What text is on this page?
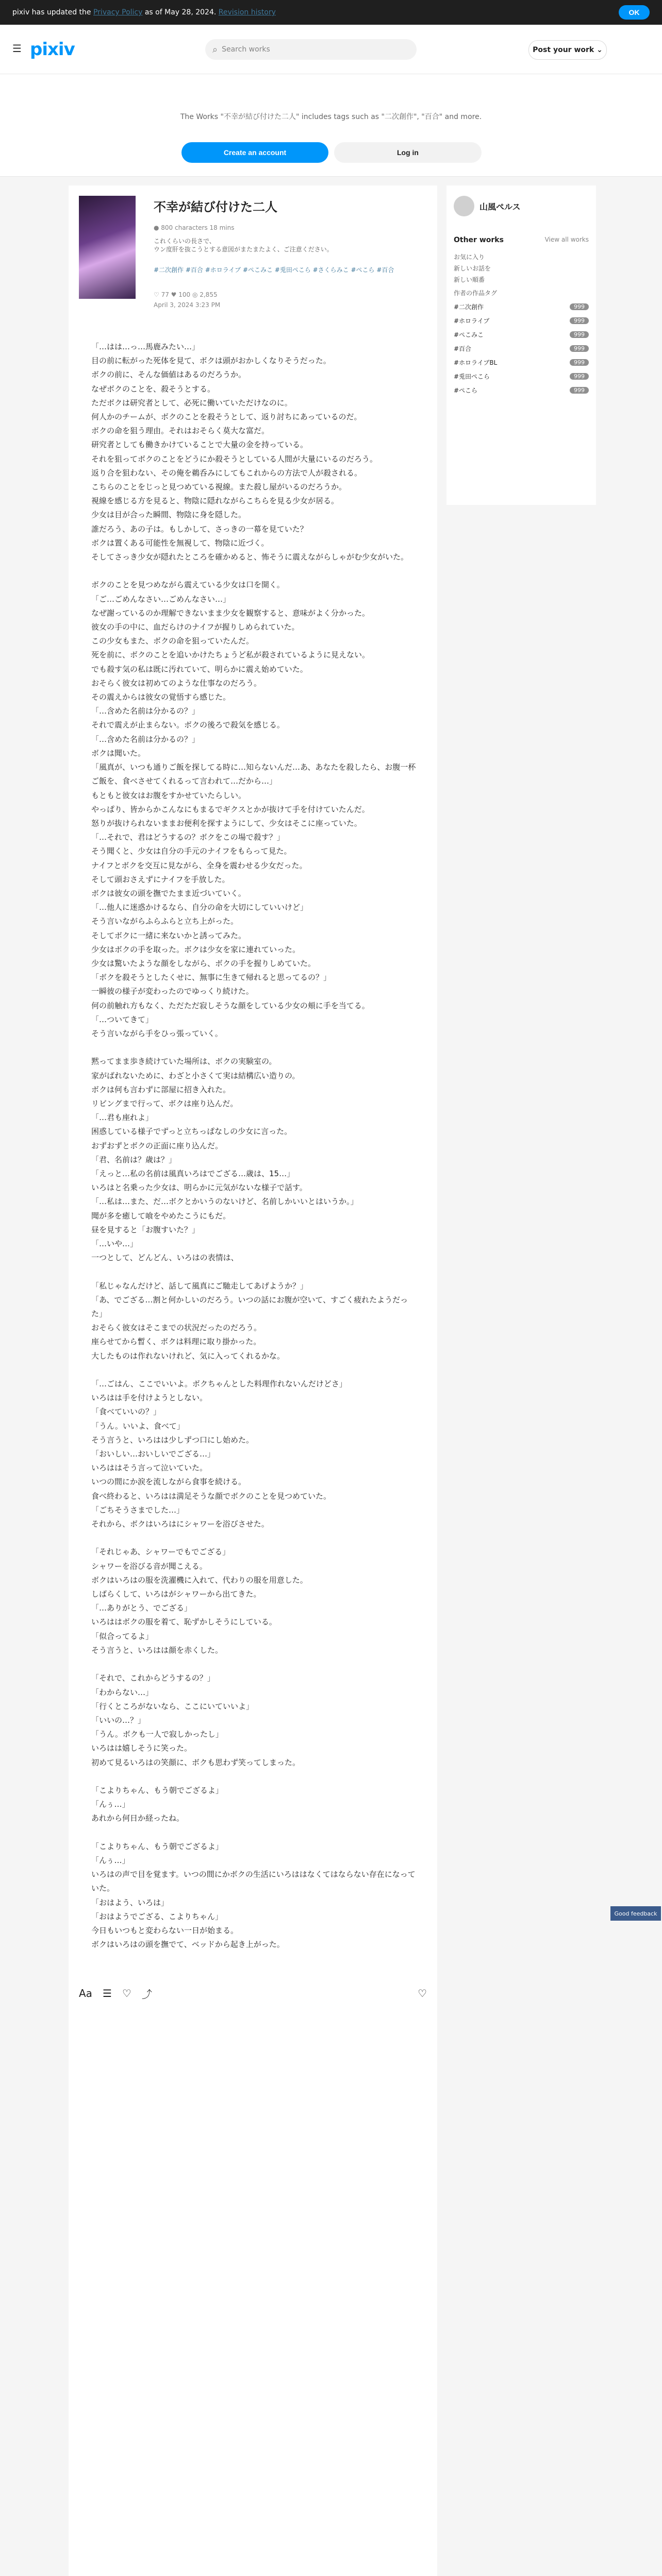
pixiv has updated the Privacy Policy as of May 28, 2024. Revision history	OK
☰ pixiv	⌕ Search works	Post your work ⌄
The Works "不幸が結び付けた二人" includes tags such as "二次創作", "百合" and more.
Create an account	Log in
不幸が結び付けた二人
● 800 characters 18 mins
これくらいの長さで、
ウン度肝を抜こうとする意図がまたまたよく、ご注意ください。
#二次創作 #百合 #ホロライブ #ぺこみこ #兎田ぺこら #さくらみこ #ぺこら #百合
♡ 77 ♥ 100 ◎ 2,855
April 3, 2024 3:23 PM
「…はは…っ…馬鹿みたい…」
目の前に転がった死体を見て、ボクは頭がおかしくなりそうだった。
ボクの前に、そんな価値はあるのだろうか。
なぜボクのことを、殺そうとする。
ただボクは研究者として、必死に働いていただけなのに。
何人かのチームが、ボクのことを殺そうとして、返り討ちにあっているのだ。
ボクの命を狙う理由。それはおそらく莫大な富だ。
研究者としても働きかけていることで大量の金を持っている。
それを狙ってボクのことをどうにか殺そうとしている人間が大量にいるのだろう。
返り合を狙わない、その俺を鵜呑みにしてもこれからの方法で人が殺される。
こちらのことをじっと見つめている視線。また殺し屋がいるのだろうか。
視線を感じる方を見ると、物陰に隠れながらこちらを見る少女が居る。
少女は目が合った瞬間、物陰に身を隠した。
誰だろう、あの子は。もしかして、さっきの一幕を見ていた？
ボクは置くある可能性を無視して、物陰に近づく。
そしてさっき少女が隠れたところを確かめると、怖そうに震えながらしゃがむ少女がいた。

ボクのことを見つめながら震えている少女は口を開く。
「ご…ごめんなさい…ごめんなさい…」
なぜ謝っているのか理解できないまま少女を観察すると、意味がよく分かった。
彼女の手の中に、血だらけのナイフが握りしめられていた。
この少女もまた、ボクの命を狙っていたんだ。
死を前に、ボクのことを追いかけたちょうど私が殺されているように見えない。
でも殺す気の私は既に汚れていて、明らかに震え始めていた。
おそらく彼女は初めてのような仕事なのだろう。
その震えからは彼女の覚悟すら感じた。
「…含めた名前は分かるの？」
それで震えが止まらない。ボクの後ろで殺気を感じる。
「…含めた名前は分かるの？」
ボクは聞いた。
「風真が、いつも通りご飯を探してる時に…知らないんだ…あ、あなたを殺したら、お腹一杯ご飯を、食べさせてくれるって言われて…だから…」
もともと彼女はお腹をすかせていたらしい。
やっぱり、皆からかこんなにもまるでギクスとかが抜けて手を付けていたんだ。
怒りが抜けられないままお便利を探すようにして、少女はそこに座っていた。
「…それで、君はどうするの？ボクをこの場で殺す？」
そう聞くと、少女は自分の手元のナイフをもらって見た。
ナイフとボクを交互に見ながら、全身を震わせる少女だった。
そして頭おさえずにナイフを手放した。
ボクは彼女の頭を撫でたまま近づいていく。
「…他人に迷惑かけるなら、自分の命を大切にしていいけど」
そう言いながらふらふらと立ち上がった。
そしてボクに一緒に来ないかと誘ってみた。
少女はボクの手を取った。ボクは少女を家に連れていった。
少女は驚いたような顔をしながら、ボクの手を握りしめていた。
「ボクを殺そうとしたくせに、無事に生きて帰れると思ってるの？」
一瞬彼の様子が変わったのでゆっくり続けた。
何の前触れ方もなく、ただただ寂しそうな顔をしている少女の頬に手を当てる。
「…ついてきて」
そう言いながら手をひっ張っていく。

黙ってまま歩き続けていた場所は、ボクの実験室の。
家がばれないために、わざと小さくて実は結構広い造りの。
ボクは何も言わずに部屋に招き入れた。
リビングまで行って、ボクは座り込んだ。
「…君も座れよ」
困惑している様子でずっと立ちっぱなしの少女に言った。
おずおずとボクの正面に座り込んだ。
「君、名前は？歳は？」
「えっと…私の名前は風真いろはでござる…歳は、15…」
いろはと名乗った少女は、明らかに元気がないな様子で話す。
「…私は…また、だ…ボクとかいうのないけど、名前しかいいとはいうか。」
聞が多を癒して喰をやめたこうにもだ。
昼を見すると「お腹すいた？」
「…いや…」
一つとして、どんどん、いろはの表情は、

「私じゃなんだけど、話して風真にご馳走してあげようか？」
「あ、でござる…割と何かしいのだろう。いつの話にお腹が空いて、すごく疲れたようだった」
おそらく彼女はそこまでの状況だったのだろう。
座らせてから暫く、ボクは料理に取り掛かった。
大したものは作れないけれど、気に入ってくれるかな。

「…ごはん、ここでいいよ。ボクちゃんとした料理作れないんだけどさ」
いろはは手を付けようとしない。
「食べていいの？」
「うん。いいよ、食べて」
そう言うと、いろはは少しずつ口にし始めた。
「おいしい…おいしいでござる…」
いろははそう言って泣いていた。
いつの間にか涙を流しながら食事を続ける。
食べ終わると、いろはは満足そうな顔でボクのことを見つめていた。
「ごちそうさまでした…」
それから、ボクはいろはにシャワーを浴びさせた。

「それじゃあ、シャワーでもでござる」
シャワーを浴びる音が聞こえる。
ボクはいろはの服を洗濯機に入れて、代わりの服を用意した。
しばらくして、いろはがシャワーから出てきた。
「…ありがとう、でござる」
いろははボクの服を着て、恥ずかしそうにしている。
「似合ってるよ」
そう言うと、いろはは顔を赤くした。

「それで、これからどうするの？」
「わからない…」
「行くところがないなら、ここにいていいよ」
「いいの…？」
「うん。ボクも一人で寂しかったし」
いろはは嬉しそうに笑った。
初めて見るいろはの笑顔に、ボクも思わず笑ってしまった。

「こよりちゃん、もう朝でござるよ」
「んぅ…」
あれから何日か経ったね。

「こよりちゃん、もう朝でござるよ」
「んぅ…」
いろはの声で目を覚ます。いつの間にかボクの生活にいろははなくてはならない存在になっていた。
「おはよう、いろは」
「おはようでござる、こよりちゃん」
今日もいつもと変わらない一日が始まる。
ボクはいろはの頭を撫でて、ベッドから起き上がった。
山風ぺルス
Other works	View all works
お気に入り
新しいお話を
新しい順番
作者の作品タグ
#二次創作	999
#ホロライブ	999
#ぺこみこ	999
#百合	999
#ホロライブBL	999
#兎田ぺこら	999
#ぺこら	999
Good feedback
Aa ☰ ♡ ⤴	♡
